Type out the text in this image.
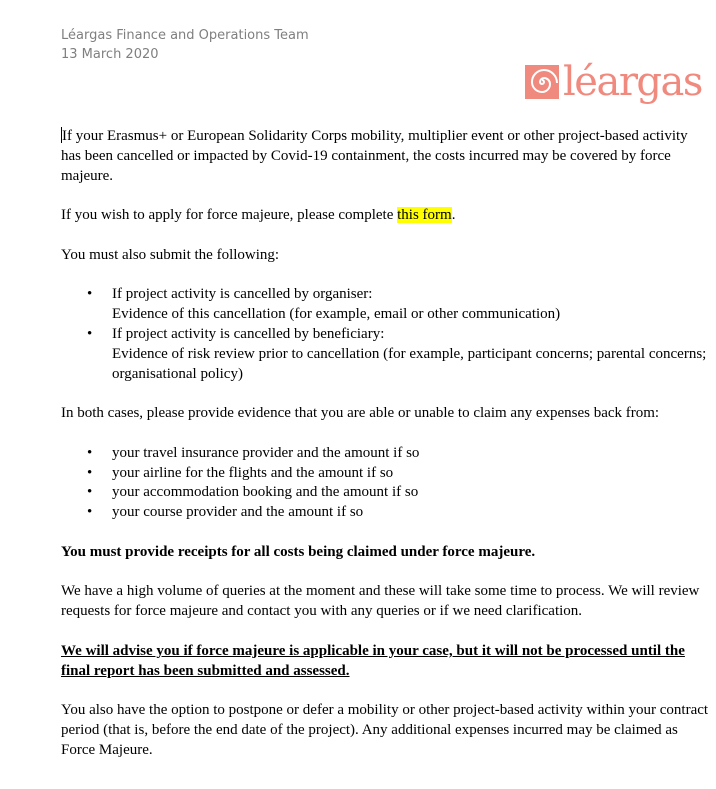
Léargas Finance and Operations Team
13 March 2020
léargas

If your Erasmus+ or European Solidarity Corps mobility, multiplier event or other project-based activity has been cancelled or impacted by Covid-19 containment, the costs incurred may be covered by force majeure.

If you wish to apply for force majeure, please complete this form.

You must also submit the following:

• If project activity is cancelled by organiser:
Evidence of this cancellation (for example, email or other communication)
• If project activity is cancelled by beneficiary:
Evidence of risk review prior to cancellation (for example, participant concerns; parental concerns; organisational policy)

In both cases, please provide evidence that you are able or unable to claim any expenses back from:

• your travel insurance provider and the amount if so
• your airline for the flights and the amount if so
• your accommodation booking and the amount if so
• your course provider and the amount if so

You must provide receipts for all costs being claimed under force majeure.

We have a high volume of queries at the moment and these will take some time to process. We will review requests for force majeure and contact you with any queries or if we need clarification.

We will advise you if force majeure is applicable in your case, but it will not be processed until the final report has been submitted and assessed.

You also have the option to postpone or defer a mobility or other project-based activity within your contract period (that is, before the end date of the project). Any additional expenses incurred may be claimed as Force Majeure.
